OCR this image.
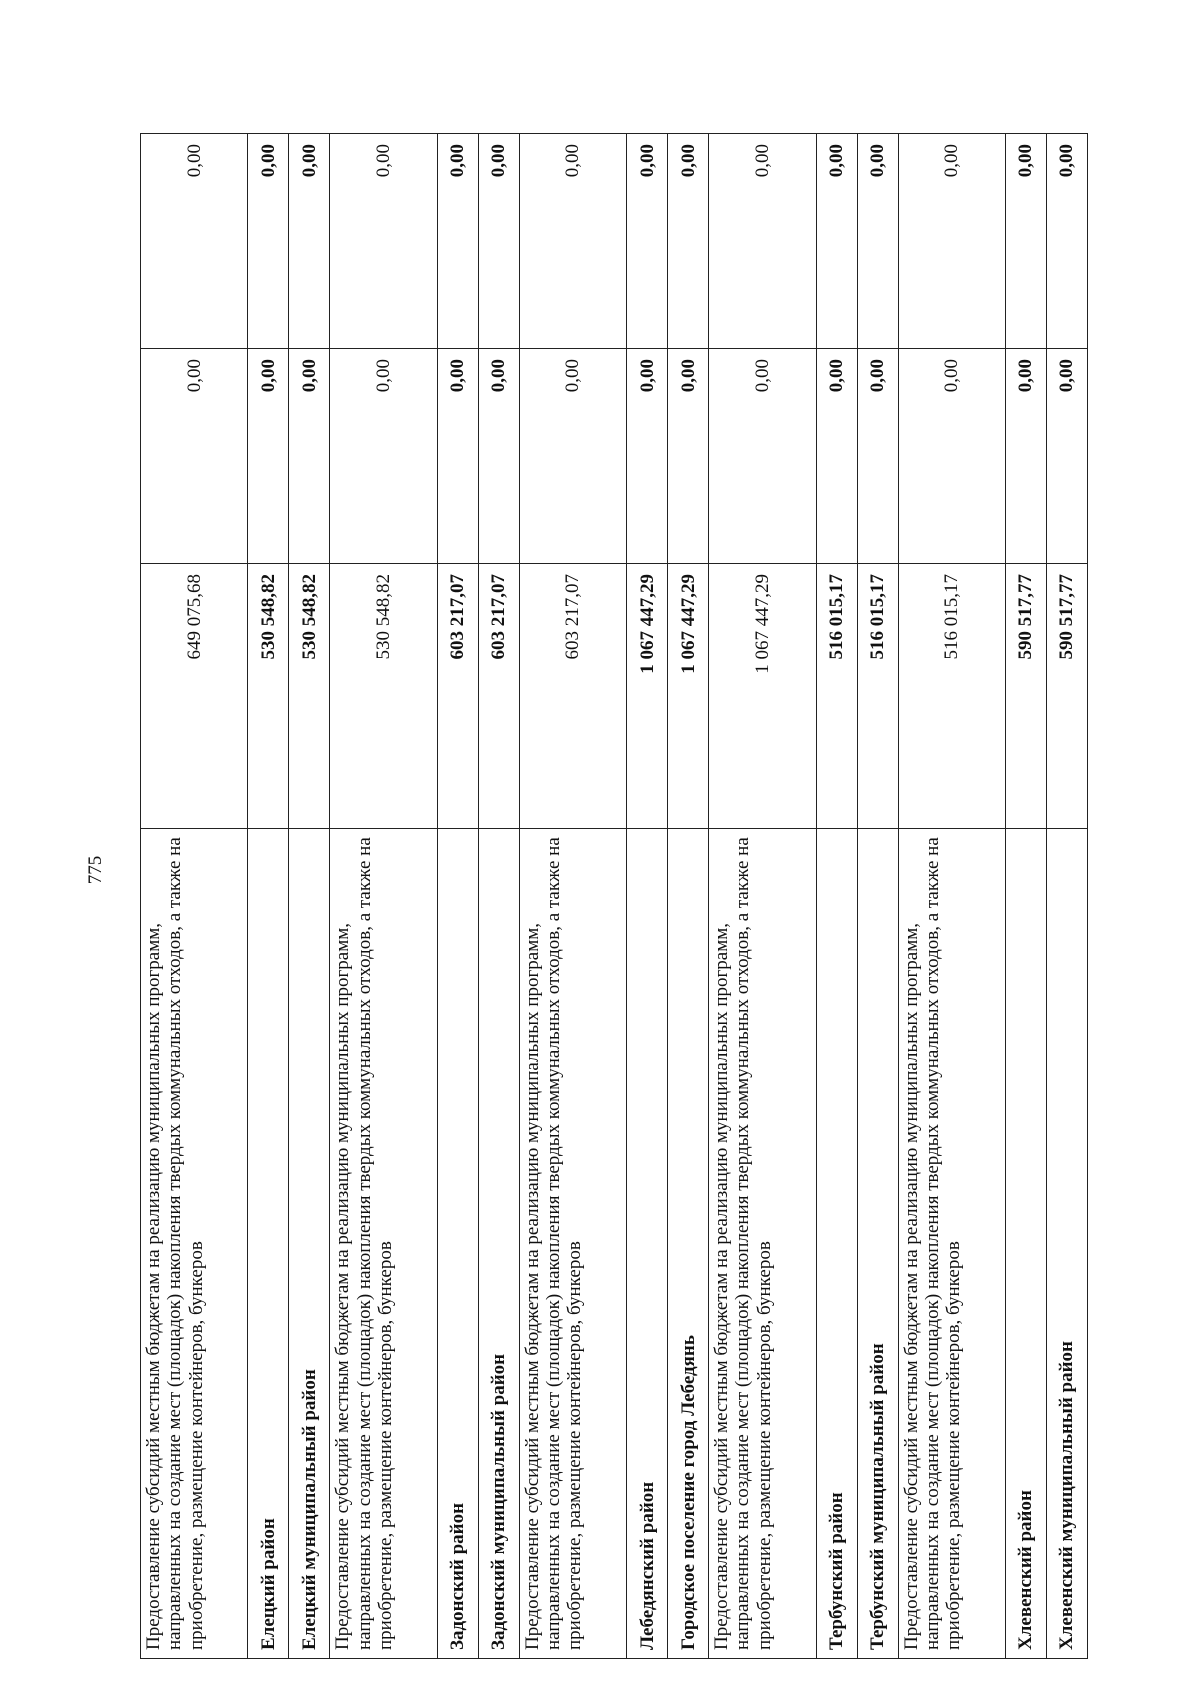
775
Предоставление субсидий местным бюджетам на реализацию муниципальных программ, направленных на создание мест (площадок) накопления твердых коммунальных отходов, а также на приобретение, размещение контейнеров, бункеров	649 075,68	0,00	0,00
Елецкий район	530 548,82	0,00	0,00
Елецкий муниципальный район	530 548,82	0,00	0,00
Предоставление субсидий местным бюджетам на реализацию муниципальных программ, направленных на создание мест (площадок) накопления твердых коммунальных отходов, а также на приобретение, размещение контейнеров, бункеров	530 548,82	0,00	0,00
Задонский район	603 217,07	0,00	0,00
Задонский муниципальный район	603 217,07	0,00	0,00
Предоставление субсидий местным бюджетам на реализацию муниципальных программ, направленных на создание мест (площадок) накопления твердых коммунальных отходов, а также на приобретение, размещение контейнеров, бункеров	603 217,07	0,00	0,00
Лебедянский район	1 067 447,29	0,00	0,00
Городское поселение город Лебедянь	1 067 447,29	0,00	0,00
Предоставление субсидий местным бюджетам на реализацию муниципальных программ, направленных на создание мест (площадок) накопления твердых коммунальных отходов, а также на приобретение, размещение контейнеров, бункеров	1 067 447,29	0,00	0,00
Тербунский район	516 015,17	0,00	0,00
Тербунский муниципальный район	516 015,17	0,00	0,00
Предоставление субсидий местным бюджетам на реализацию муниципальных программ, направленных на создание мест (площадок) накопления твердых коммунальных отходов, а также на приобретение, размещение контейнеров, бункеров	516 015,17	0,00	0,00
Хлевенский район	590 517,77	0,00	0,00
Хлевенский муниципальный район	590 517,77	0,00	0,00
